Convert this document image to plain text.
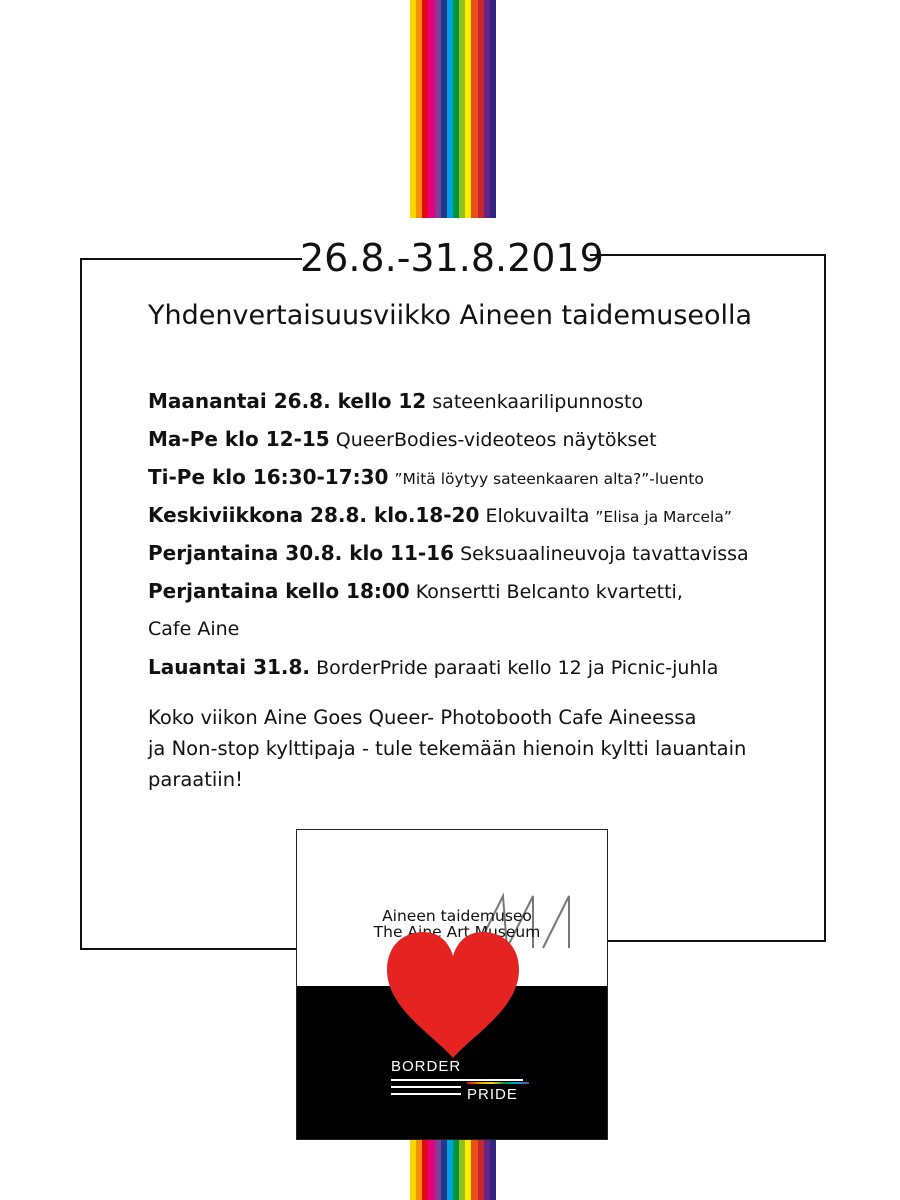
26.8.-31.8.2019
Yhdenvertaisuusviikko Aineen taidemuseolla
Maanantai 26.8. kello 12 sateenkaarilipunnosto
Ma-Pe klo 12-15 QueerBodies-videoteos näytökset
Ti-Pe klo 16:30-17:30 ”Mitä löytyy sateenkaaren alta?”-luento
Keskiviikkona 28.8. klo.18-20 Elokuvailta ”Elisa ja Marcela”
Perjantaina 30.8. klo 11-16 Seksuaalineuvoja tavattavissa
Perjantaina kello 18:00 Konsertti Belcanto kvartetti,
Cafe Aine
Lauantai 31.8. BorderPride paraati kello 12 ja Picnic-juhla
Koko viikon Aine Goes Queer- Photobooth Cafe Aineessa
ja Non-stop kylttipaja - tule tekemään hienoin kyltti lauantain
paraatiin!
Aineen taidemuseo
The Aine Art Museum
BORDER
PRIDE
